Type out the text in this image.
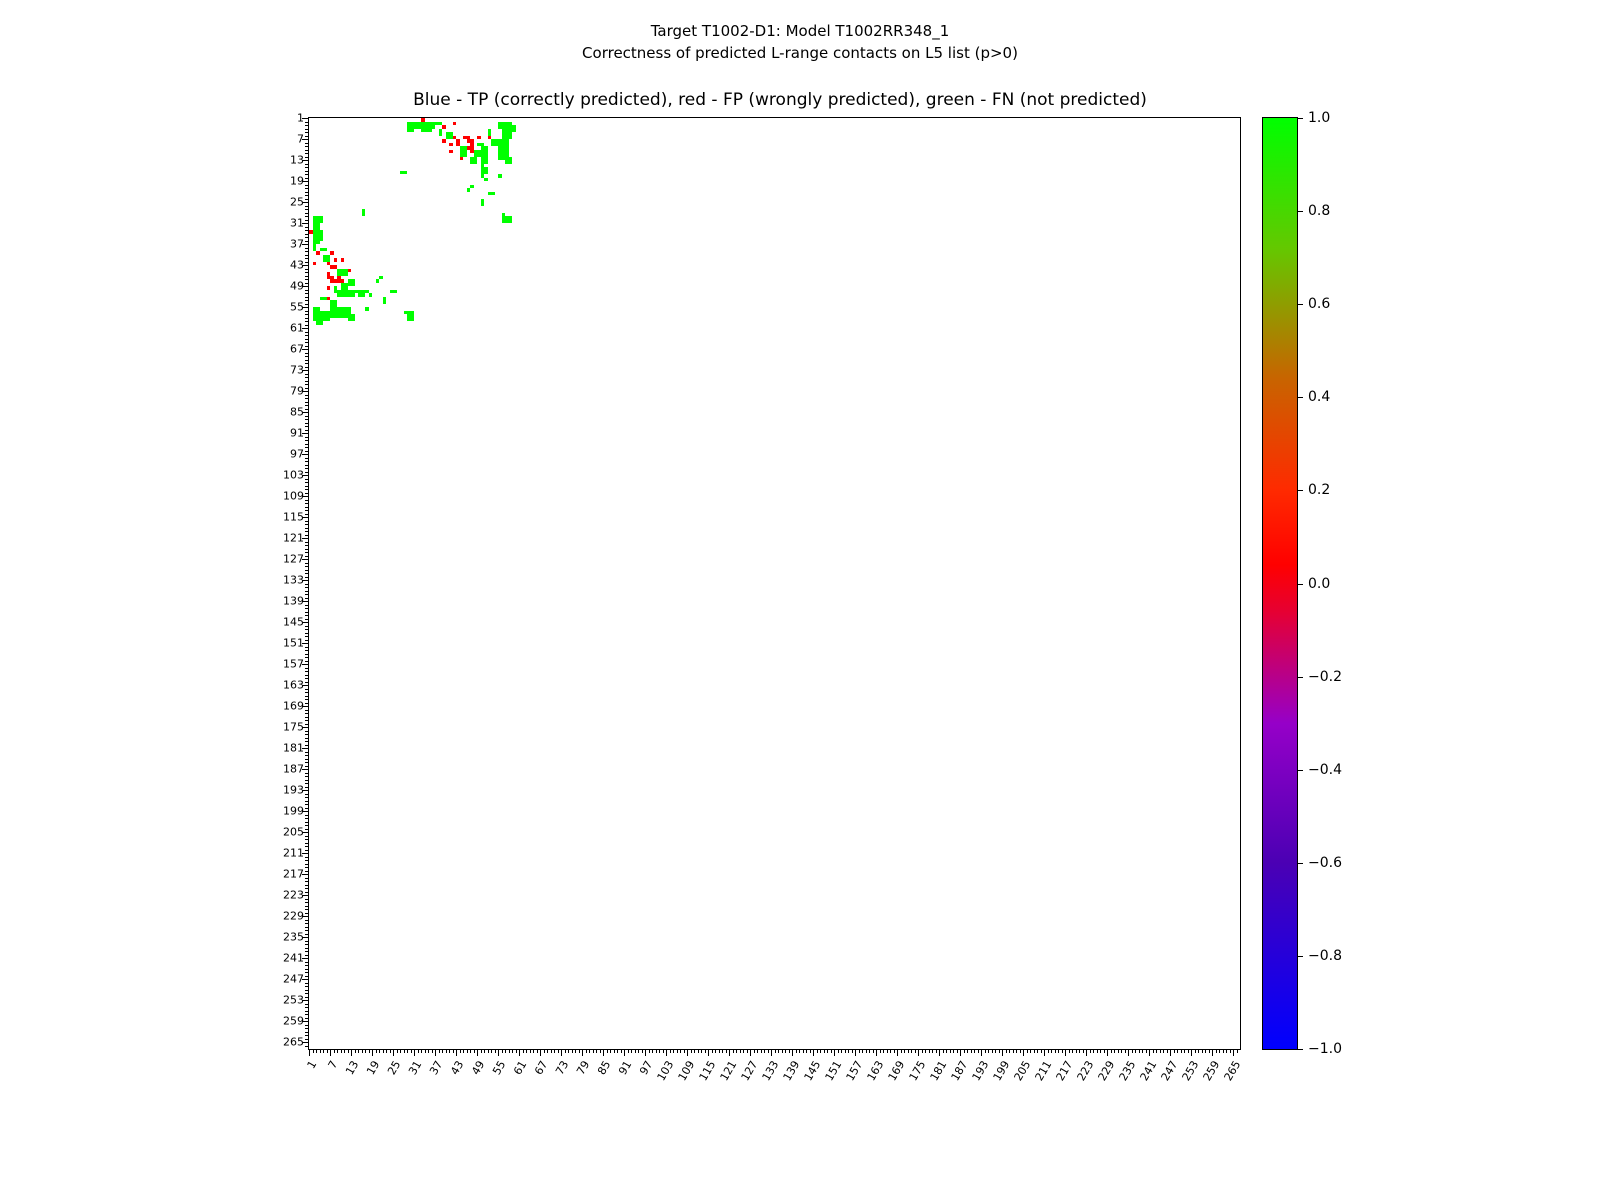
Target T1002-D1: Model T1002RR348_1
Correctness of predicted L-range contacts on L5 list (p>0)
Blue - TP (correctly predicted), red - FP (wrongly predicted), green - FN (not predicted)
1
7
13
19
25
31
37
43
49
55
61
67
73
79
85
91
97
103
109
115
121
127
133
139
145
151
157
163
169
175
181
187
193
199
205
211
217
223
229
235
241
247
253
259
265
1 7 13 19 25 31 37 43 49 55 61 67 73 79 85 91 97 103 109 115 121 127 133 139 145 151 157 163 169 175 181 187 193 199 205 211 217 223 229 235 241 247 253 259 265
1.0
0.8
0.6
0.4
0.2
0.0
−0.2
−0.4
−0.6
−0.8
−1.0
